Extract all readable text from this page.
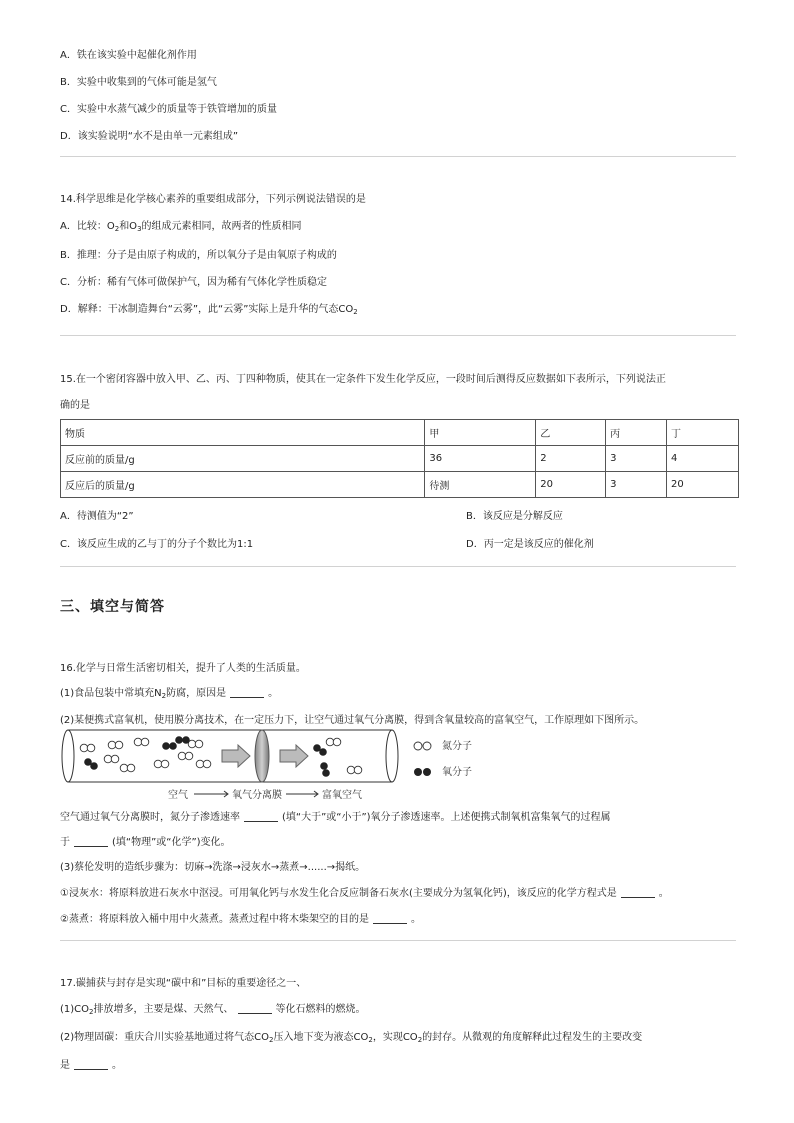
A．铁在该实验中起催化剂作用
B．实验中收集到的气体可能是氢气
C．实验中水蒸气减少的质量等于铁管增加的质量
D．该实验说明“水不是由单一元素组成”
14.科学思维是化学核心素养的重要组成部分，下列示例说法错误的是
A．比较：$O_2$和$O_3$的组成元素相同，故两者的性质相同
B．推理：分子是由原子构成的，所以氧分子是由氧原子构成的
C．分析：稀有气体可做保护气，因为稀有气体化学性质稳定
D．解释：干冰制造舞台“云雾”，此“云雾”实际上是升华的气态$CO_2$
15.在一个密闭容器中放入甲、乙、丙、丁四种物质，使其在一定条件下发生化学反应，一段时间后测得反应数据如下表所示，下列说法正
确的是
物质	甲	乙	丙	丁
反应前的质量/g	36	2	3	4
反应后的质量/g	待测	20	3	20
A．待测值为“2”	B．该反应是分解反应
C．该反应生成的乙与丁的分子个数比为1:1	D．丙一定是该反应的催化剂
三、填空与简答
16.化学与日常生活密切相关，提升了人类的生活质量。
(1)食品包装中常填充$N_2$防腐，原因是	。
(2)某便携式富氧机，使用膜分离技术，在一定压力下，让空气通过氧气分离膜，得到含氧量较高的富氧空气，工作原理如下图所示。
氮分子
氧分子
空气	氧气分离膜	富氧空气
空气通过氧气分离膜时，氮分子渗透速率	(填“大于”或“小于”)氧分子渗透速率。上述便携式制氧机富集氧气的过程属
于	(填“物理”或“化学”)变化。
(3)蔡伦发明的造纸步骤为：切麻→洗涤→浸灰水→蒸煮→......→揭纸。
①浸灰水：将原料放进石灰水中沤浸。可用氧化钙与水发生化合反应制备石灰水(主要成分为氢氧化钙)，该反应的化学方程式是	。
②蒸煮：将原料放入桶中用中火蒸煮。蒸煮过程中将木柴架空的目的是	。
17.碳捕获与封存是实现“碳中和”目标的重要途径之一、
$(1)CO_2$排放增多，主要是煤、天然气、	等化石燃料的燃烧。
(2)物理固碳：重庆合川实验基地通过将气态$CO_2$压入地下变为液态$CO_2$，实现$CO_2$的封存。从微观的角度解释此过程发生的主要改变
是	。
